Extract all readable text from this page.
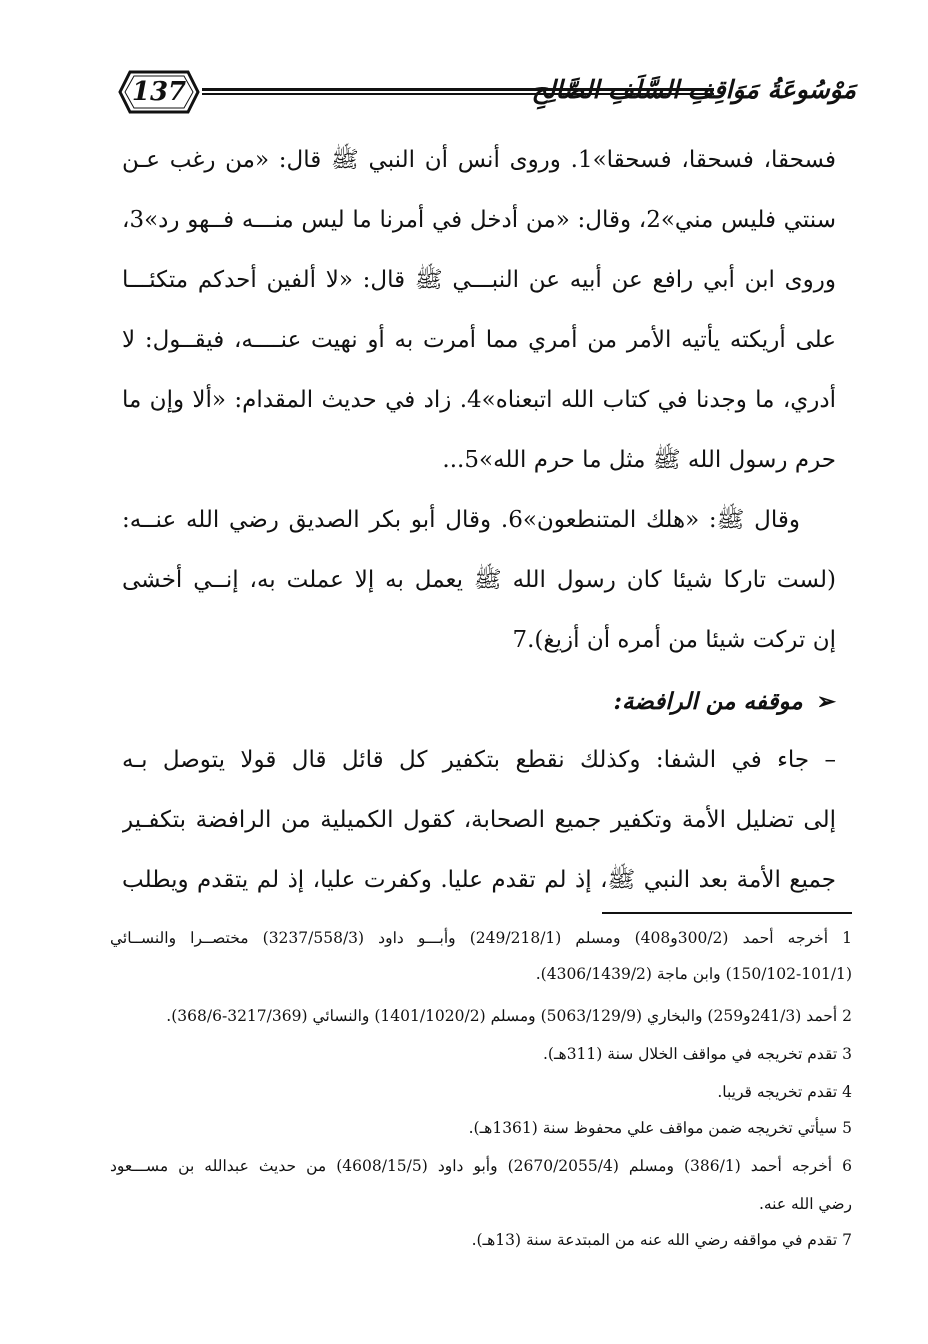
137	مَوْسُوعَةُ مَوَاقِفِ السَّلَفِ الصَّالِحِ
فسحقا، فسحقا، فسحقا»1. وروى أنس أن النبي ﷺ قال: «من رغب عـن
سنتي فليس مني»2، وقال: «من أدخل في أمرنا ما ليس منـــه فــهو رد»3،
وروى ابن أبي رافع عن أبيه عن النبـــي ﷺ قال: «لا ألفين أحدكم متكئـــا
على أريكته يأتيه الأمر من أمري مما أمرت به أو نهيت عنــــه، فيقــول: لا
أدري، ما وجدنا في كتاب الله اتبعناه»4. زاد في حديث المقدام: «ألا وإن ما
حرم رسول الله ﷺ مثل ما حرم الله»5...
وقال ﷺ: «هلك المتنطعون»6. وقال أبو بكر الصديق رضي الله عنــه:
(لست تاركا شيئا كان رسول الله ﷺ يعمل به إلا عملت به، إنــي أخشى
إن تركت شيئا من أمره أن أزيغ).7
➢موقفه من الرافضة:
– جاء في الشفا: وكذلك نقطع بتكفير كل قائل قال قولا يتوصل بـه
إلى تضليل الأمة وتكفير جميع الصحابة، كقول الكميلية من الرافضة بتكفـير
جميع الأمة بعد النبي ﷺ، إذ لم تقدم عليا. وكفرت عليا، إذ لم يتقدم ويطلب
1 أخرجه أحمد (300/2و408) ومسلم (249/218/1) وأبـــو داود (3237/558/3) مختصــرا والنســائي
(150/102-101/1) وابن ماجة (4306/1439/2).
2 أحمد (241/3و259) والبخاري (5063/129/9) ومسلم (1401/1020/2) والنسائي (3217/369-368/6).
3 تقدم تخريجه في مواقف الخلال سنة (311هـ).
4 تقدم تخريجه قريبا.
5 سيأتي تخريجه ضمن مواقف علي محفوظ سنة (1361هـ).
6 أخرجه أحمد (386/1) ومسلم (2670/2055/4) وأبو داود (4608/15/5) من حديث عبدالله بن مســـعود
رضي الله عنه.
7 تقدم في مواقفه رضي الله عنه من المبتدعة سنة (13هـ).
